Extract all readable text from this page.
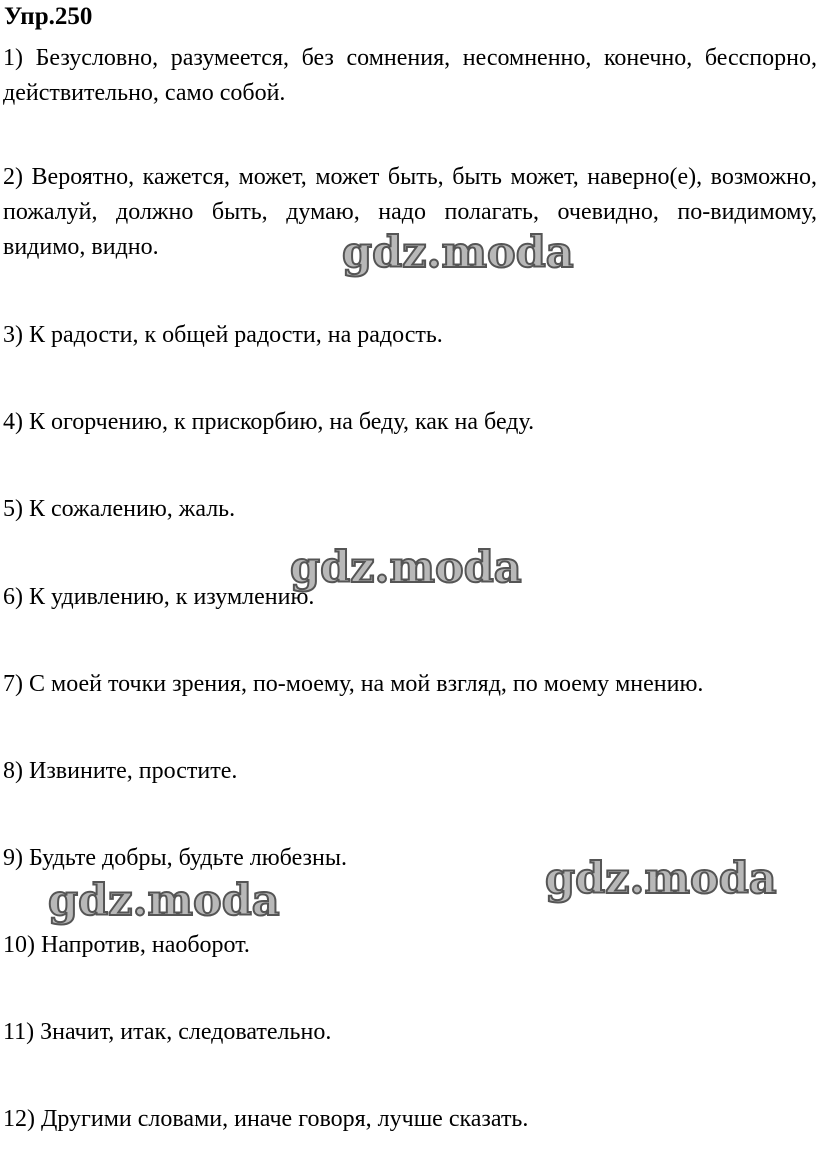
Упр.250

1) Безусловно, разумеется, без сомнения, несомненно, конечно, бесспорно, действительно, само собой.

2) Вероятно, кажется, может, может быть, быть может, наверно(е), возможно, пожалуй, должно быть, думаю, надо полагать, очевидно, по-видимому, видимо, видно.

3) К радости, к общей радости, на радость.

4) К огорчению, к прискорбию, на беду, как на беду.

5) К сожалению, жаль.

6) К удивлению, к изумлению.

7) С моей точки зрения, по-моему, на мой взгляд, по моему мнению.

8) Извините, простите.

9) Будьте добры, будьте любезны.

10) Напротив, наоборот.

11) Значит, итак, следовательно.

12) Другими словами, иначе говоря, лучше сказать.

gdz.moda
gdz.moda
gdz.moda
gdz.moda
